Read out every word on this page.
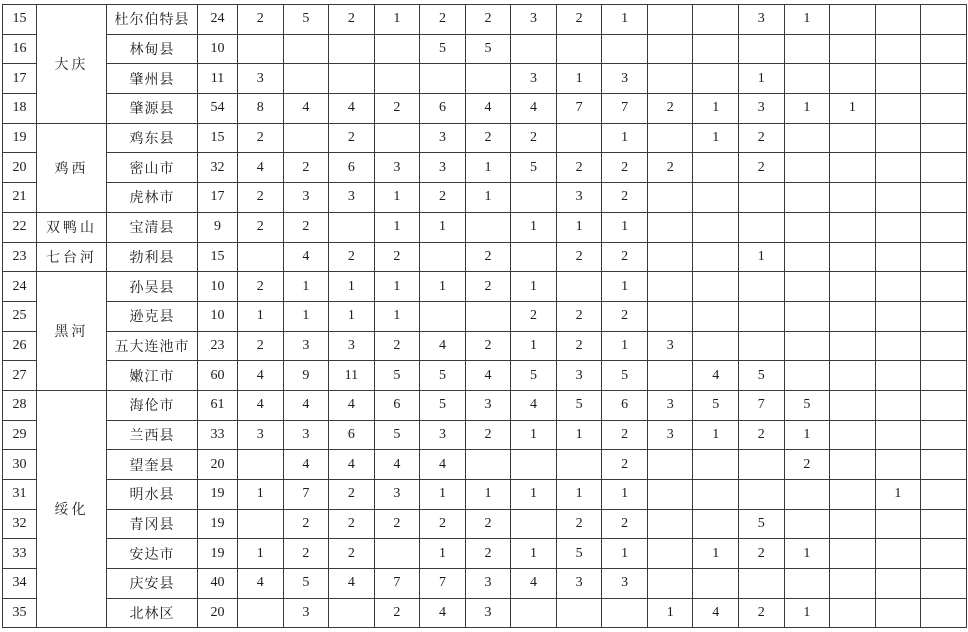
15	大庆	杜尔伯特县	24	2	5	2	1	2	2	3	2	1			3	1			
16		林甸县	10					5	5										
17		肇州县	11	3						3	1	3			1				
18		肇源县	54	8	4	4	2	6	4	4	7	7	2	1	3	1	1		
19	鸡西	鸡东县	15	2		2		3	2	2		1		1	2				
20		密山市	32	4	2	6	3	3	1	5	2	2	2		2				
21		虎林市	17	2	3	3	1	2	1		3	2							
22	双鸭山	宝清县	9	2	2		1	1		1	1	1							
23	七台河	勃利县	15		4	2	2		2		2	2			1				
24	黑河	孙吴县	10	2	1	1	1	1	2	1		1							
25		逊克县	10	1	1	1	1			2	2	2							
26		五大连池市	23	2	3	3	2	4	2	1	2	1	3						
27		嫩江市	60	4	9	11	5	5	4	5	3	5		4	5				
28	绥化	海伦市	61	4	4	4	6	5	3	4	5	6	3	5	7	5			
29		兰西县	33	3	3	6	5	3	2	1	1	2	3	1	2	1			
30		望奎县	20		4	4	4	4				2				2			
31		明水县	19	1	7	2	3	1	1	1	1	1						1	
32		青冈县	19		2	2	2	2	2		2	2			5				
33		安达市	19	1	2	2		1	2	1	5	1		1	2	1			
34		庆安县	40	4	5	4	7	7	3	4	3	3							
35		北林区	20		3		2	4	3				1	4	2	1			
